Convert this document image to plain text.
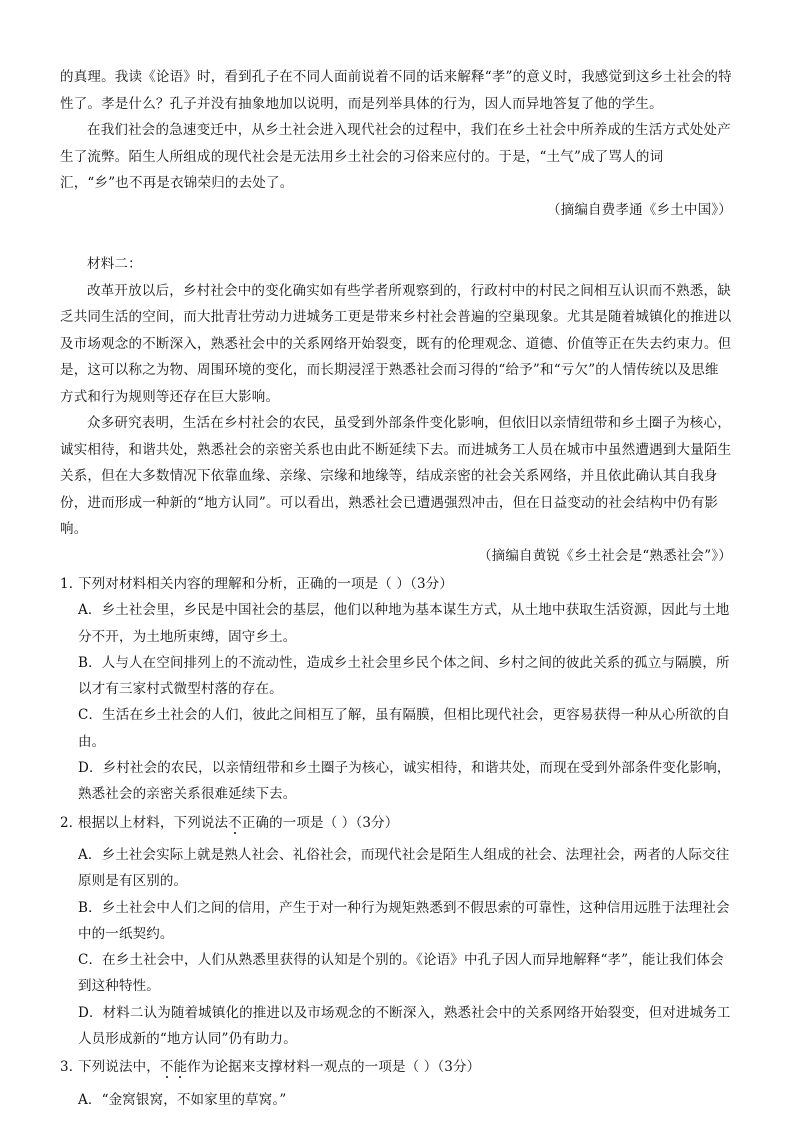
的真理。我读《论语》时，看到孔子在不同人面前说着不同的话来解释“孝”的意义时，我感觉到这乡土社会的特性了。孝是什么？孔子并没有抽象地加以说明，而是列举具体的行为，因人而异地答复了他的学生。

在我们社会的急速变迁中，从乡土社会进入现代社会的过程中，我们在乡土社会中所养成的生活方式处处产生了流弊。陌生人所组成的现代社会是无法用乡土社会的习俗来应付的。于是，“土气”成了骂人的词汇，“乡”也不再是衣锦荣归的去处了。

（摘编自费孝通《乡土中国》）

材料二：

改革开放以后，乡村社会中的变化确实如有些学者所观察到的，行政村中的村民之间相互认识而不熟悉，缺乏共同生活的空间，而大批青壮劳动力进城务工更是带来乡村社会普遍的空巢现象。尤其是随着城镇化的推进以及市场观念的不断深入，熟悉社会中的关系网络开始裂变，既有的伦理观念、道德、价值等正在失去约束力。但是，这可以称之为物、周围环境的变化，而长期浸淫于熟悉社会而习得的“给予”和“亏欠”的人情传统以及思维方式和行为规则等还存在巨大影响。

众多研究表明，生活在乡村社会的农民，虽受到外部条件变化影响，但依旧以亲情纽带和乡土圈子为核心，诚实相待，和谐共处，熟悉社会的亲密关系也由此不断延续下去。而进城务工人员在城市中虽然遭遇到大量陌生关系，但在大多数情况下依靠血缘、亲缘、宗缘和地缘等，结成亲密的社会关系网络，并且依此确认其自我身份，进而形成一种新的“地方认同”。可以看出，熟悉社会已遭遇强烈冲击，但在日益变动的社会结构中仍有影响。

（摘编自黄锐《乡土社会是“熟悉社会”》）

1．
下列对材料相关内容的理解和分析，正确的一项是（ ）（3分）

A．乡土社会里，乡民是中国社会的基层，他们以种地为基本谋生方式，从土地中获取生活资源，因此与土地分不开，为土地所束缚，固守乡土。

B．人与人在空间排列上的不流动性，造成乡土社会里乡民个体之间、乡村之间的彼此关系的孤立与隔膜，所以才有三家村式微型村落的存在。

C．生活在乡土社会的人们，彼此之间相互了解，虽有隔膜，但相比现代社会，更容易获得一种从心所欲的自由。

D．乡村社会的农民，以亲情纽带和乡土圈子为核心，诚实相待，和谐共处，而现在受到外部条件变化影响，熟悉社会的亲密关系很难延续下去。

2．
根据以上材料，下列说法不正确的一项是（ ）（3分）

A．乡土社会实际上就是熟人社会、礼俗社会，而现代社会是陌生人组成的社会、法理社会，两者的人际交往原则是有区别的。

B．乡土社会中人们之间的信用，产生于对一种行为规矩熟悉到不假思索的可靠性，这种信用远胜于法理社会中的一纸契约。

C．在乡土社会中，人们从熟悉里获得的认知是个别的。《论语》中孔子因人而异地解释“孝”，能让我们体会到这种特性。

D．材料二认为随着城镇化的推进以及市场观念的不断深入，熟悉社会中的关系网络开始裂变，但对进城务工人员形成新的“地方认同”仍有助力。

3．
下列说法中，不能作为论据来支撑材料一观点的一项是（ ）（3分）

A．“金窝银窝，不如家里的草窝。”
